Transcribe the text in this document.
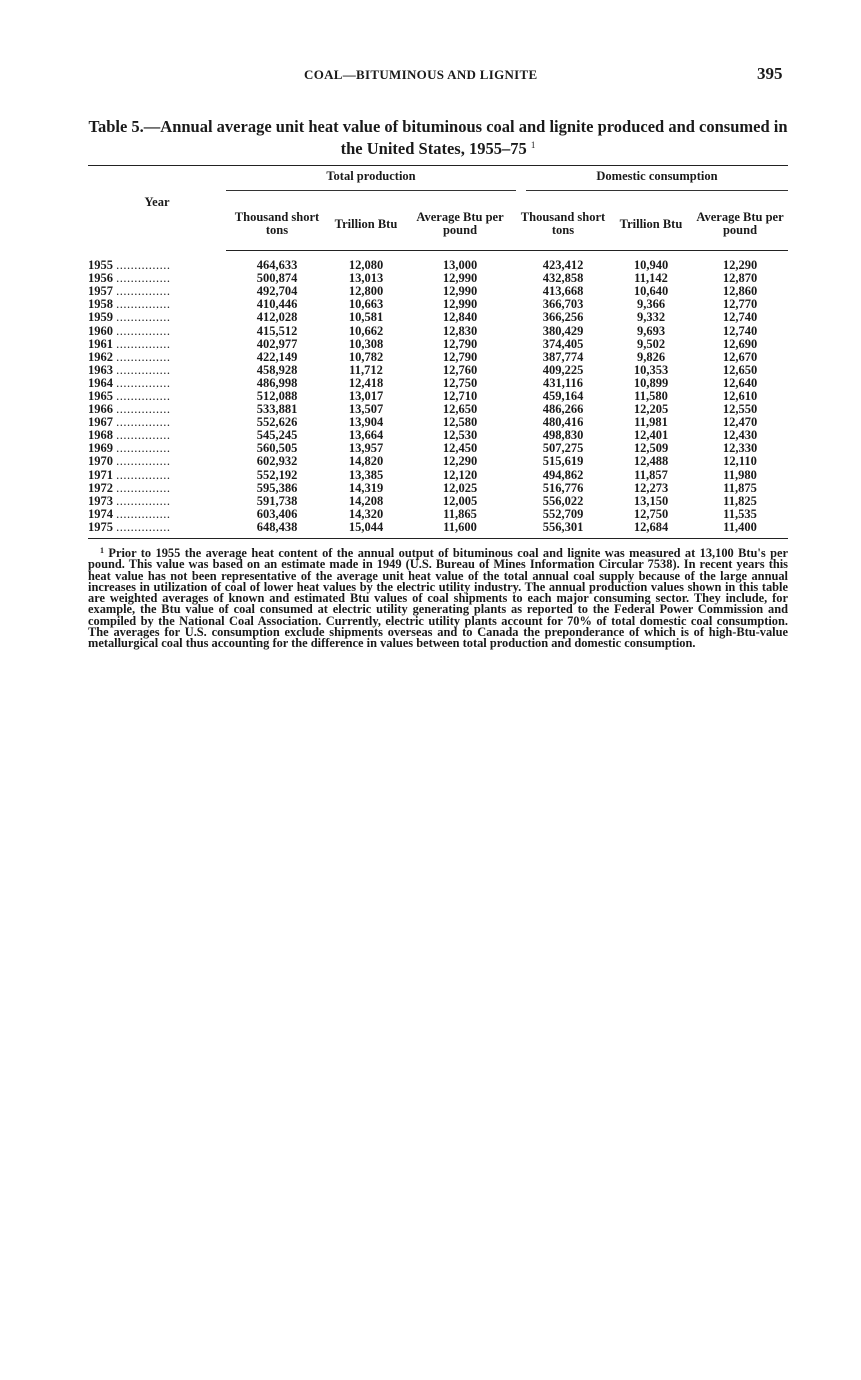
COAL—BITUMINOUS AND LIGNITE	395
Table 5.—Annual average unit heat value of bituminous coal and lignite produced and consumed in the United States, 1955–75 $^1$
Year	Total production			Domestic consumption		

	Thousand short tons	Trillion Btu	Average Btu per pound	Thousand short tons	Trillion Btu	Average Btu per pound
1955 ...............	464,633	12,080	13,000	423,412	10,940	12,290
1956 ...............	500,874	13,013	12,990	432,858	11,142	12,870
1957 ...............	492,704	12,800	12,990	413,668	10,640	12,860
1958 ...............	410,446	10,663	12,990	366,703	9,366	12,770
1959 ...............	412,028	10,581	12,840	366,256	9,332	12,740
1960 ...............	415,512	10,662	12,830	380,429	9,693	12,740
1961 ...............	402,977	10,308	12,790	374,405	9,502	12,690
1962 ...............	422,149	10,782	12,790	387,774	9,826	12,670
1963 ...............	458,928	11,712	12,760	409,225	10,353	12,650
1964 ...............	486,998	12,418	12,750	431,116	10,899	12,640
1965 ...............	512,088	13,017	12,710	459,164	11,580	12,610
1966 ...............	533,881	13,507	12,650	486,266	12,205	12,550
1967 ...............	552,626	13,904	12,580	480,416	11,981	12,470
1968 ...............	545,245	13,664	12,530	498,830	12,401	12,430
1969 ...............	560,505	13,957	12,450	507,275	12,509	12,330
1970 ...............	602,932	14,820	12,290	515,619	12,488	12,110
1971 ...............	552,192	13,385	12,120	494,862	11,857	11,980
1972 ...............	595,386	14,319	12,025	516,776	12,273	11,875
1973 ...............	591,738	14,208	12,005	556,022	13,150	11,825
1974 ...............	603,406	14,320	11,865	552,709	12,750	11,535
1975 ...............	648,438	15,044	11,600	556,301	12,684	11,400
$^1$ Prior to 1955 the average heat content of the annual output of bituminous coal and lignite was measured at 13,100 Btu's per pound. This value was based on an estimate made in 1949 (U.S. Bureau of Mines Information Circular 7538). In recent years this heat value has not been representative of the average unit heat value of the total annual coal supply because of the large annual increases in utilization of coal of lower heat values by the electric utility industry. The annual production values shown in this table are weighted averages of known and estimated Btu values of coal shipments to each major consuming sector. They include, for example, the Btu value of coal consumed at electric utility generating plants as reported to the Federal Power Commission and compiled by the National Coal Association. Currently, electric utility plants account for 70% of total domestic coal consumption. The averages for U.S. consumption exclude shipments overseas and to Canada the preponderance of which is of high-Btu-value metallurgical coal thus accounting for the difference in values between total production and domestic consumption.
